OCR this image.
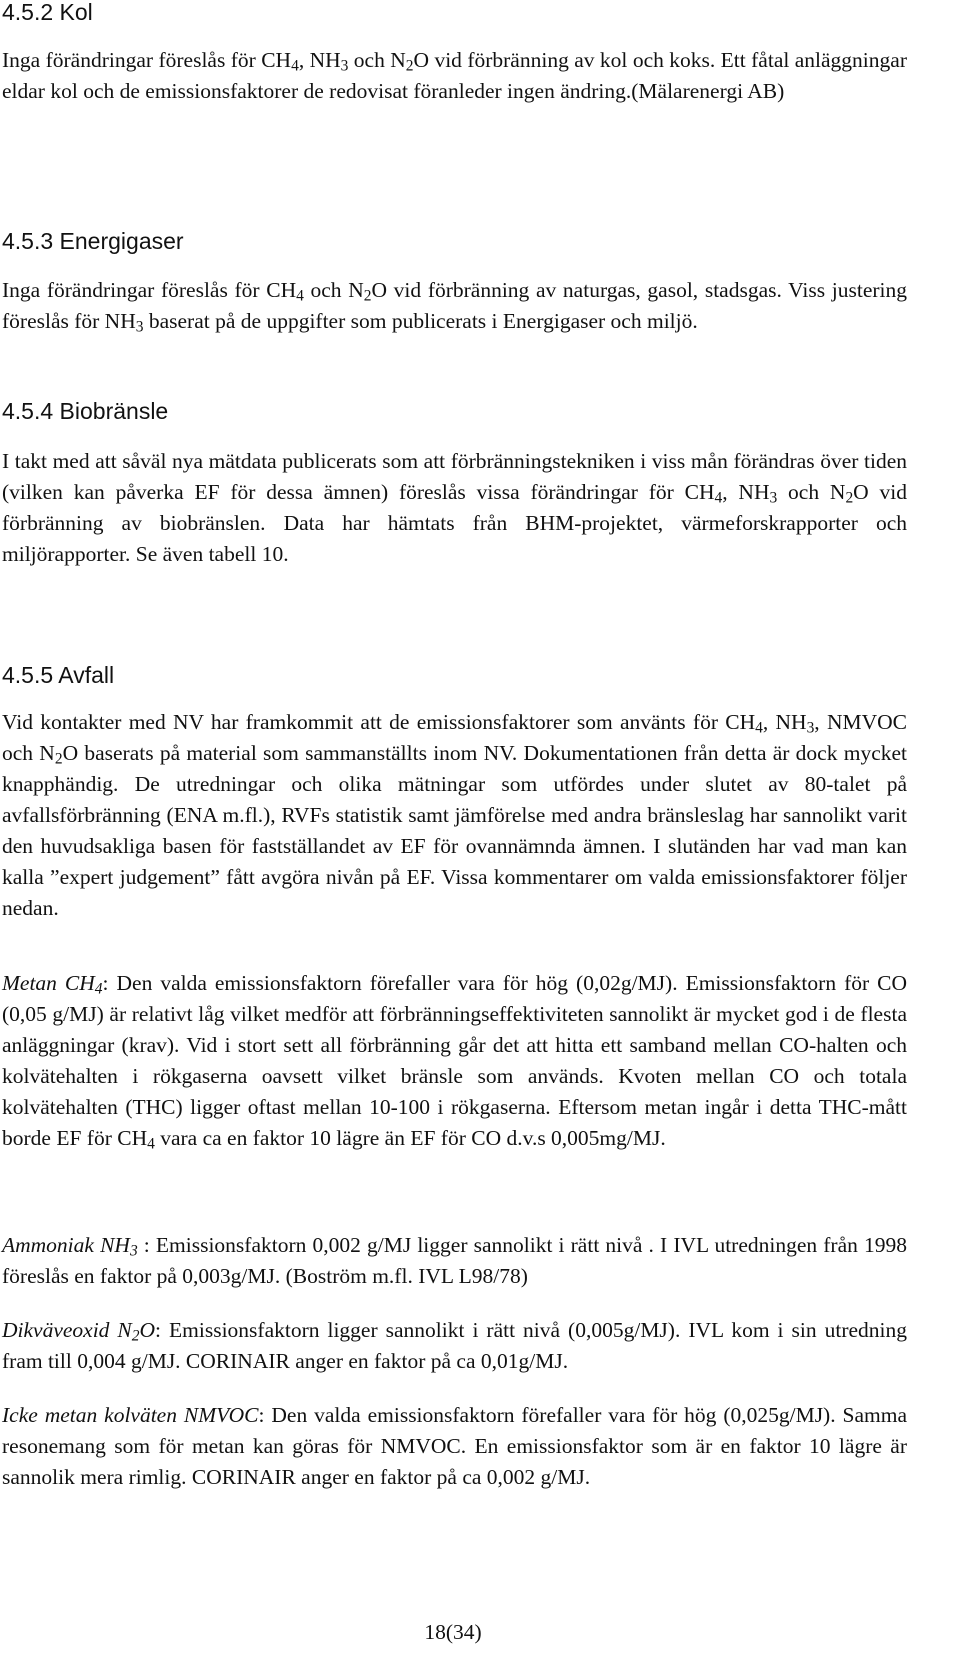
4.5.2 Kol

Inga förändringar föreslås för $CH_4$, $NH_3$ och $N_2O$ vid förbränning av kol och koks. Ett fåtal anläggningar eldar kol och de emissionsfaktorer de redovisat föranleder ingen ändring.(Mälarenergi AB)

4.5.3 Energigaser

Inga förändringar föreslås för $CH_4$ och $N_2O$ vid förbränning av naturgas, gasol, stadsgas. Viss justering föreslås för $NH_3$ baserat på de uppgifter som publicerats i Energigaser och miljö.

4.5.4 Biobränsle

I takt med att såväl nya mätdata publicerats som att förbränningstekniken i viss mån förändras över tiden (vilken kan påverka EF för dessa ämnen) föreslås vissa förändringar för $CH_4$, $NH_3$ och $N_2O$ vid förbränning av biobränslen. Data har hämtats från BHM-projektet, värmeforskrapporter och miljörapporter. Se även tabell 10.

4.5.5 Avfall

Vid kontakter med NV har framkommit att de emissionsfaktorer som använts för $CH_4$, $NH_3$, NMVOC och $N_2O$ baserats på material som sammanställts inom NV. Dokumentationen från detta är dock mycket knapphändig. De utredningar och olika mätningar som utfördes under slutet av 80-talet på avfallsförbränning (ENA m.fl.), RVFs statistik samt jämförelse med andra bränsleslag har sannolikt varit den huvudsakliga basen för fastställandet av EF för ovannämnda ämnen. I slutänden har vad man kan kalla ”expert judgement” fått avgöra nivån på EF. Vissa kommentarer om valda emissionsfaktorer följer nedan.

Metan $CH_4$: Den valda emissionsfaktorn förefaller vara för hög (0,02g/MJ). Emissionsfaktorn för CO (0,05 g/MJ) är relativt låg vilket medför att förbränningseffektiviteten sannolikt är mycket god i de flesta anläggningar (krav). Vid i stort sett all förbränning går det att hitta ett samband mellan CO-halten och kolvätehalten i rökgaserna oavsett vilket bränsle som används. Kvoten mellan CO och totala kolvätehalten (THC) ligger oftast mellan 10-100 i rökgaserna. Eftersom metan ingår i detta THC-mått borde EF för $CH_4$ vara ca en faktor 10 lägre än EF för CO d.v.s 0,005mg/MJ.

Ammoniak $NH_3$ : Emissionsfaktorn 0,002 g/MJ ligger sannolikt i rätt nivå . I IVL utredningen från 1998 föreslås en faktor på 0,003g/MJ. (Boström m.fl. IVL L98/78)

Dikväveoxid $N_2O$: Emissionsfaktorn ligger sannolikt i rätt nivå (0,005g/MJ). IVL kom i sin utredning fram till 0,004 g/MJ. CORINAIR anger en faktor på ca 0,01g/MJ.

Icke metan kolväten NMVOC: Den valda emissionsfaktorn förefaller vara för hög (0,025g/MJ). Samma resonemang som för metan kan göras för NMVOC. En emissionsfaktor som är en faktor 10 lägre är sannolik mera rimlig. CORINAIR anger en faktor på ca 0,002 g/MJ.

18(34)
